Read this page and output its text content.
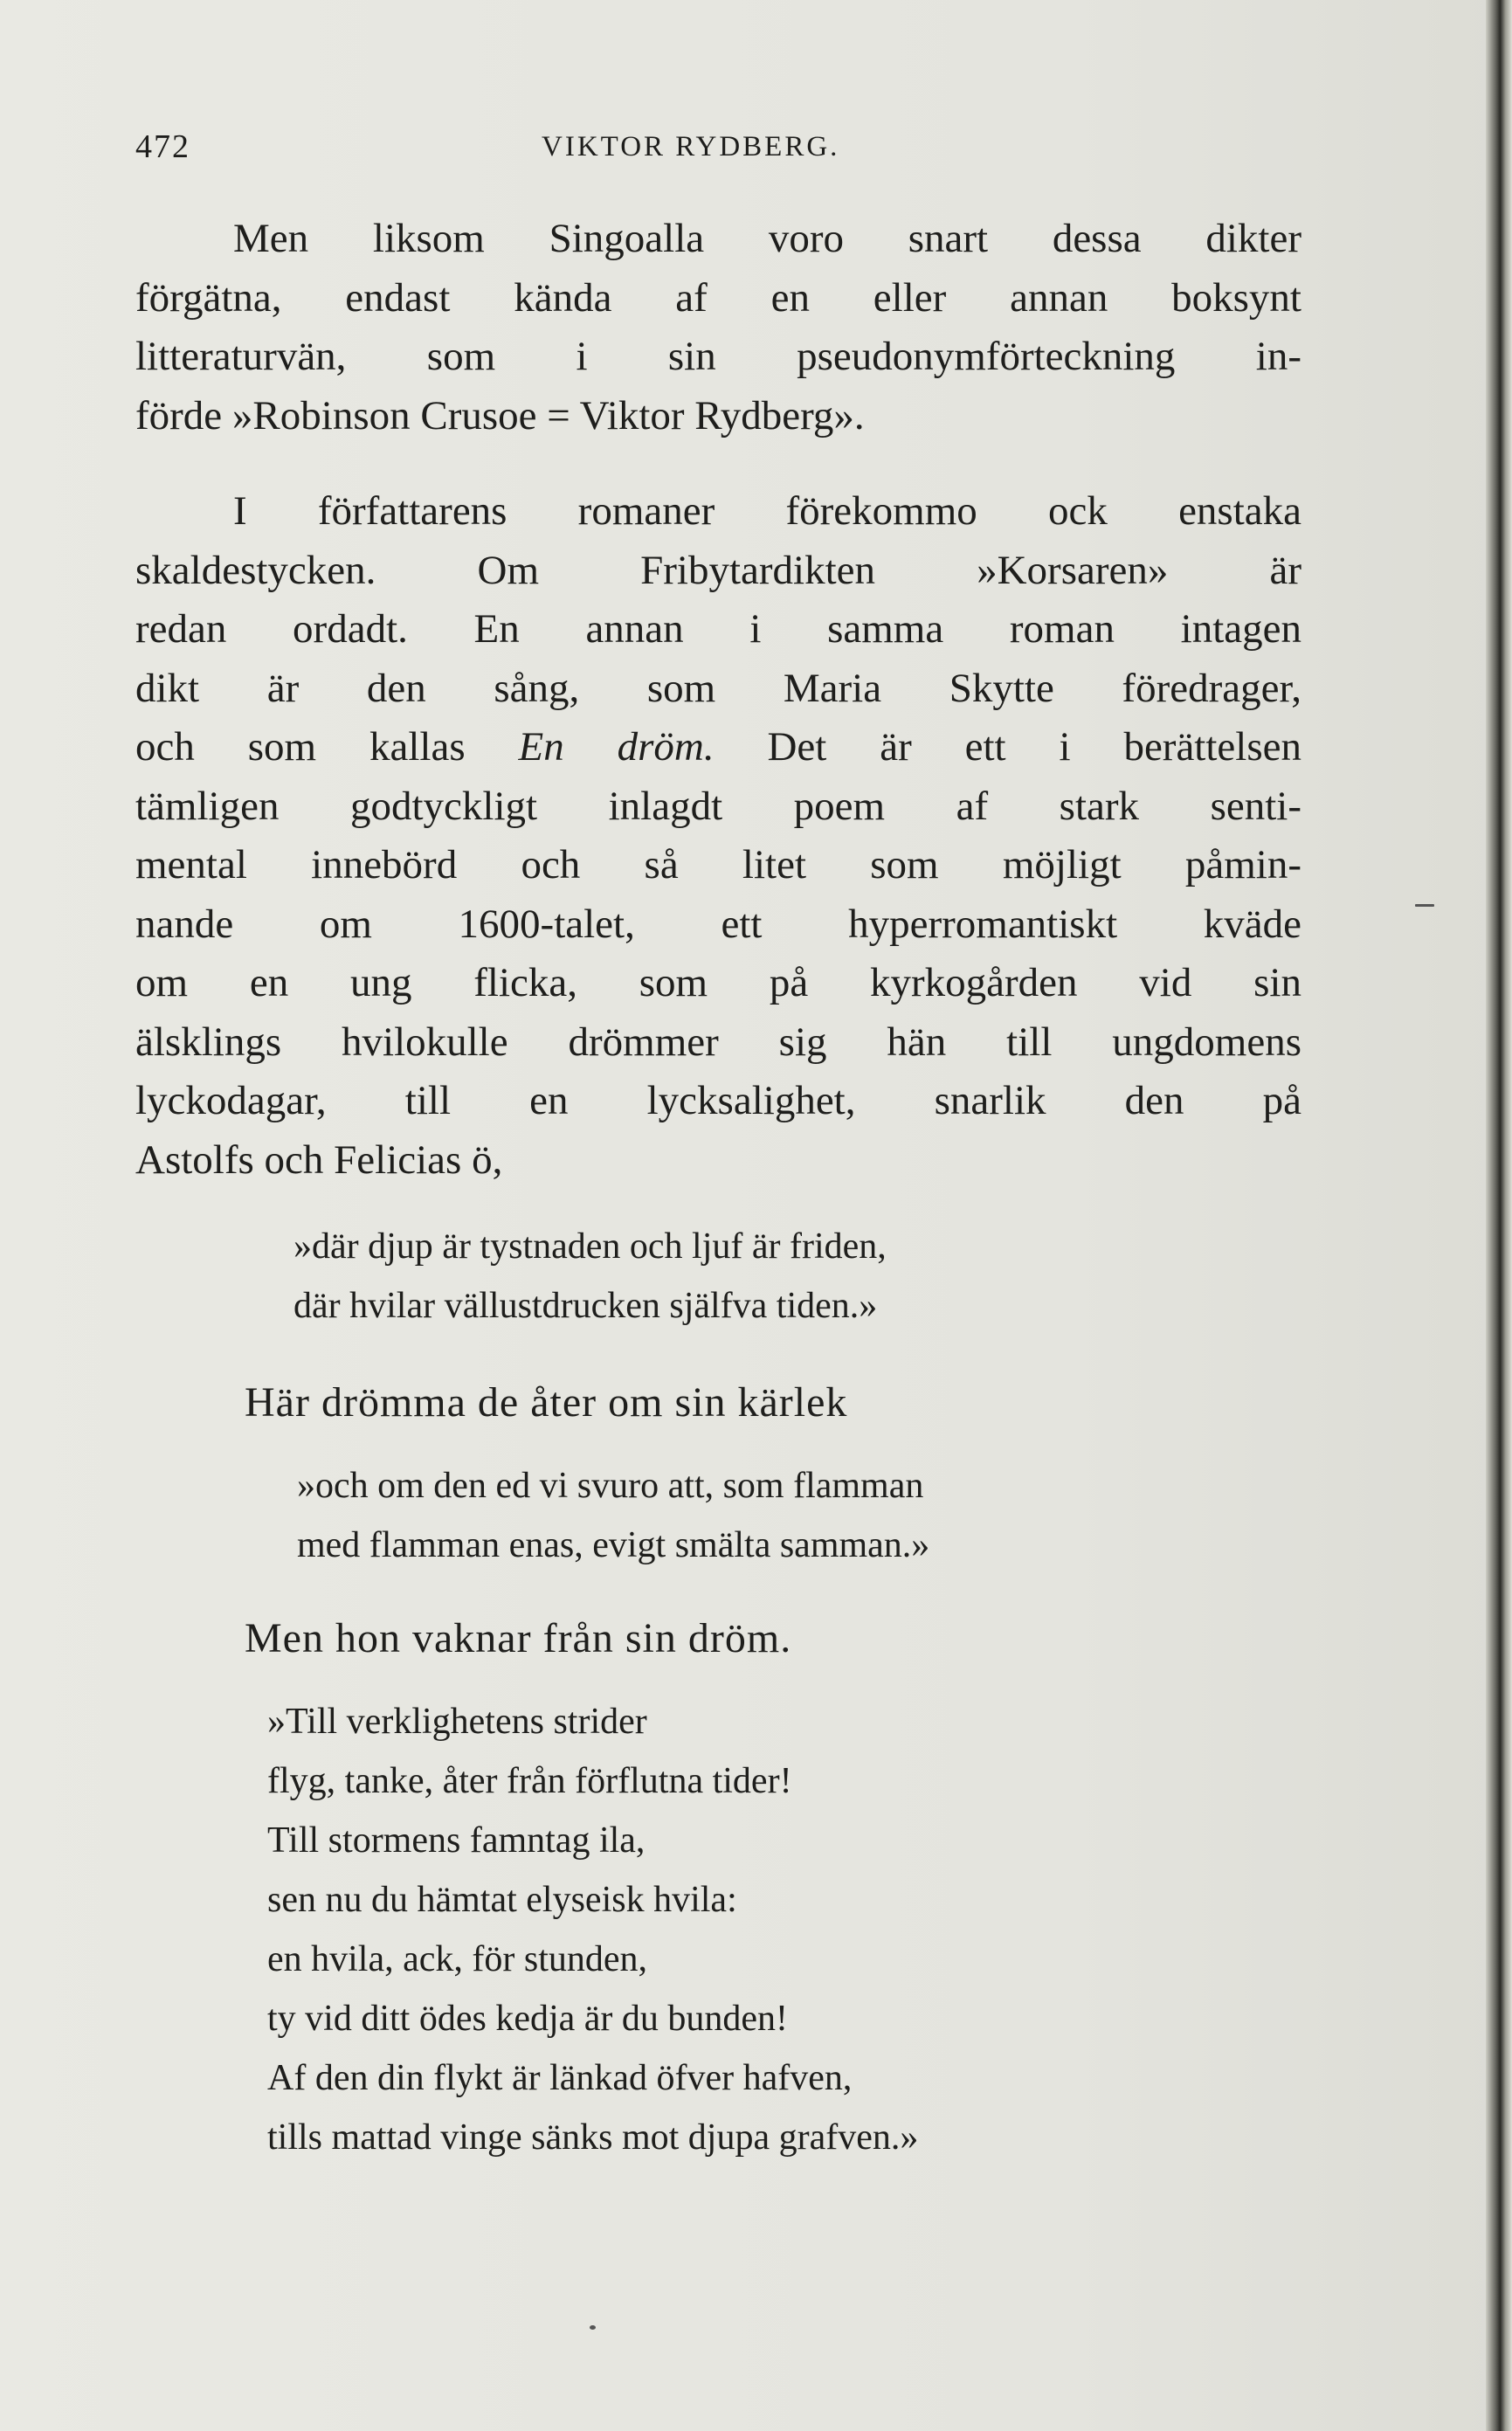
472	VIKTOR RYDBERG.
Men liksom Singoalla voro snart dessa dikter
förgätna, endast kända af en eller annan boksynt
litteraturvän, som i sin pseudonymförteckning in-
förde »Robinson Crusoe = Viktor Rydberg».
I författarens romaner förekommo ock enstaka
skaldestycken. Om Fribytardikten »Korsaren» är
redan ordadt. En annan i samma roman intagen
dikt är den sång, som Maria Skytte föredrager,
och som kallas En dröm. Det är ett i berättelsen
tämligen godtyckligt inlagdt poem af stark senti-
mental innebörd och så litet som möjligt påmin-
nande om 1600-talet, ett hyperromantiskt kväde
om en ung flicka, som på kyrkogården vid sin
älsklings hvilokulle drömmer sig hän till ungdomens
lyckodagar, till en lycksalighet, snarlik den på
Astolfs och Felicias ö,
»där djup är tystnaden och ljuf är friden,
där hvilar vällustdrucken själfva tiden.»
Här drömma de åter om sin kärlek
»och om den ed vi svuro att, som flamman
med flamman enas, evigt smälta samman.»
Men hon vaknar från sin dröm.
»Till verklighetens strider
flyg, tanke, åter från förflutna tider!
Till stormens famntag ila,
sen nu du hämtat elyseisk hvila:
en hvila, ack, för stunden,
ty vid ditt ödes kedja är du bunden!
Af den din flykt är länkad öfver hafven,
tills mattad vinge sänks mot djupa grafven.»
